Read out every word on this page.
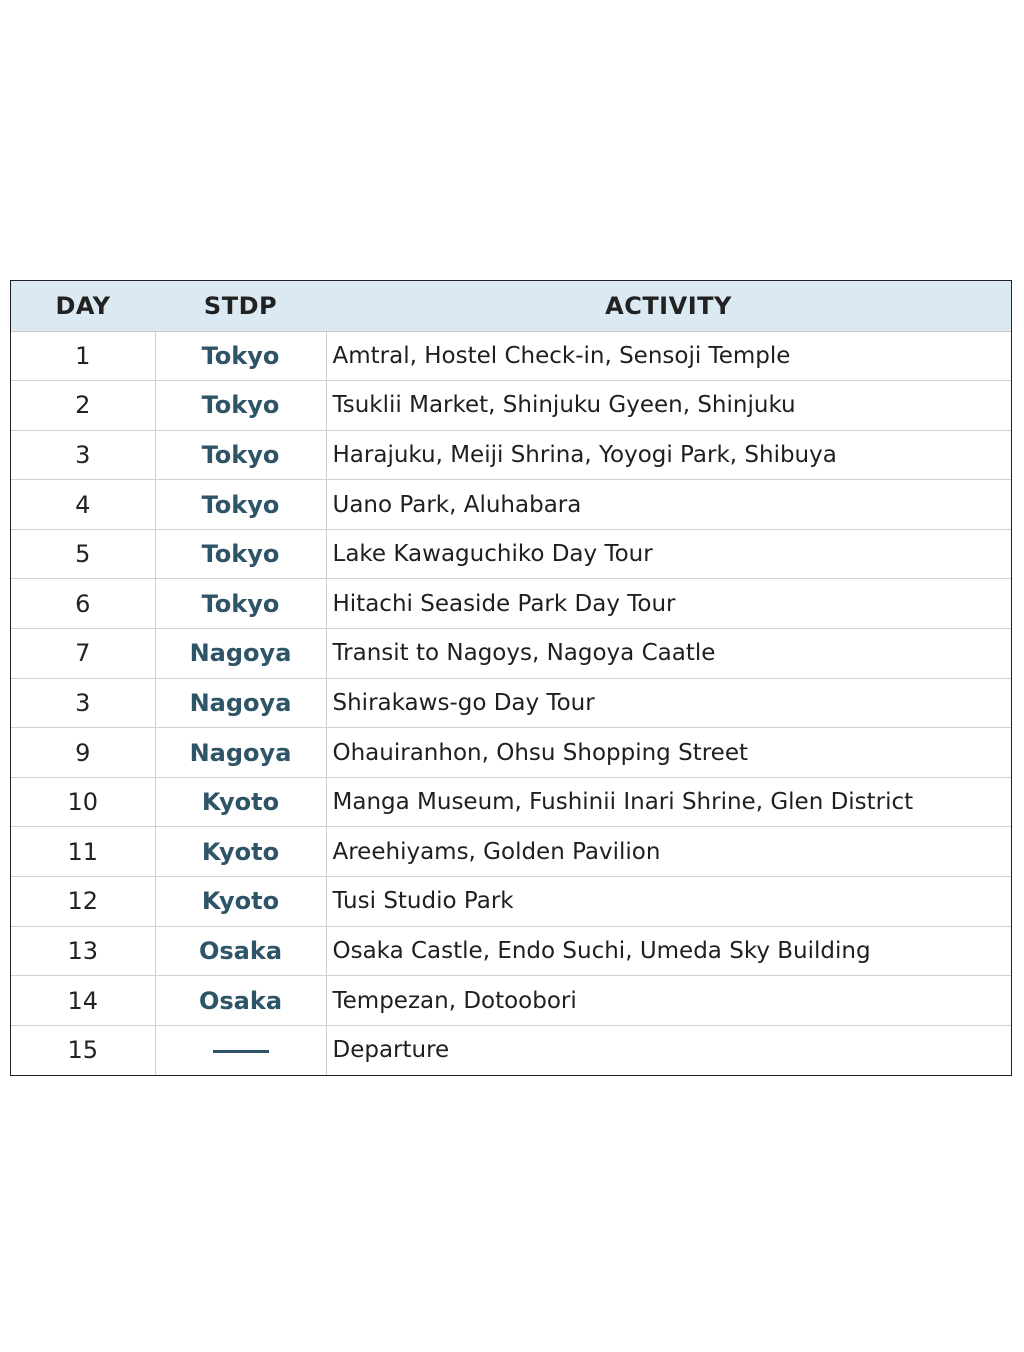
DAY	STDP	ACTIVITY
1	Tokyo	Amtral, Hostel Check-in, Sensoji Temple
2	Tokyo	Tsuklii Market, Shinjuku Gyeen, Shinjuku
3	Tokyo	Harajuku, Meiji Shrina, Yoyogi Park, Shibuya
4	Tokyo	Uano Park, Aluhabara
5	Tokyo	Lake Kawaguchiko Day Tour
6	Tokyo	Hitachi Seaside Park Day Tour
7	Nagoya	Transit to Nagoys, Nagoya Caatle
3	Nagoya	Shirakaws-go Day Tour
9	Nagoya	Ohauiranhon, Ohsu Shopping Street
10	Kyoto	Manga Museum, Fushinii Inari Shrine, Glen District
11	Kyoto	Areehiyams, Golden Pavilion
12	Kyoto	Tusi Studio Park
13	Osaka	Osaka Castle, Endo Suchi, Umeda Sky Building
14	Osaka	Tempezan, Dotoobori
15		Departure
